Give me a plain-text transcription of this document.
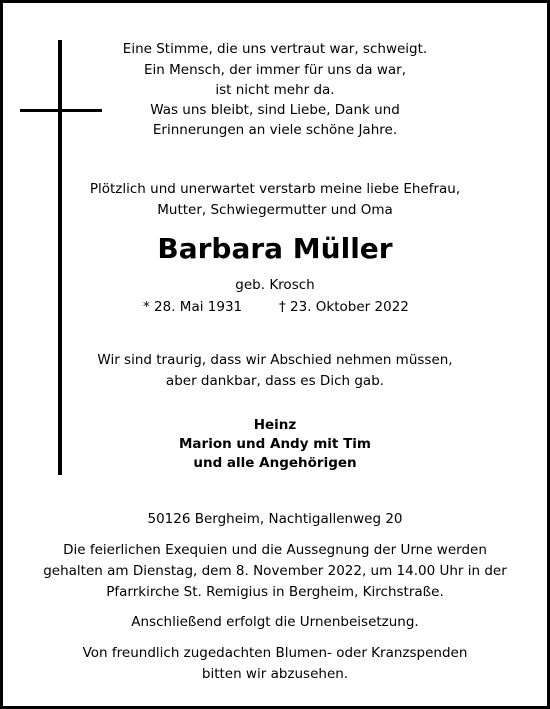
Eine Stimme, die uns vertraut war, schweigt.
Ein Mensch, der immer für uns da war,
ist nicht mehr da.
Was uns bleibt, sind Liebe, Dank und
Erinnerungen an viele schöne Jahre.
Plötzlich und unerwartet verstarb meine liebe Ehefrau,
Mutter, Schwiegermutter und Oma
Barbara Müller
geb. Krosch
* 28. Mai 1931	† 23. Oktober 2022
Wir sind traurig, dass wir Abschied nehmen müssen,
aber dankbar, dass es Dich gab.
Heinz
Marion und Andy mit Tim
und alle Angehörigen
50126 Bergheim, Nachtigallenweg 20
Die feierlichen Exequien und die Aussegnung der Urne werden
gehalten am Dienstag, dem 8. November 2022, um 14.00 Uhr in der
Pfarrkirche St. Remigius in Bergheim, Kirchstraße.
Anschließend erfolgt die Urnenbeisetzung.
Von freundlich zugedachten Blumen- oder Kranzspenden
bitten wir abzusehen.
